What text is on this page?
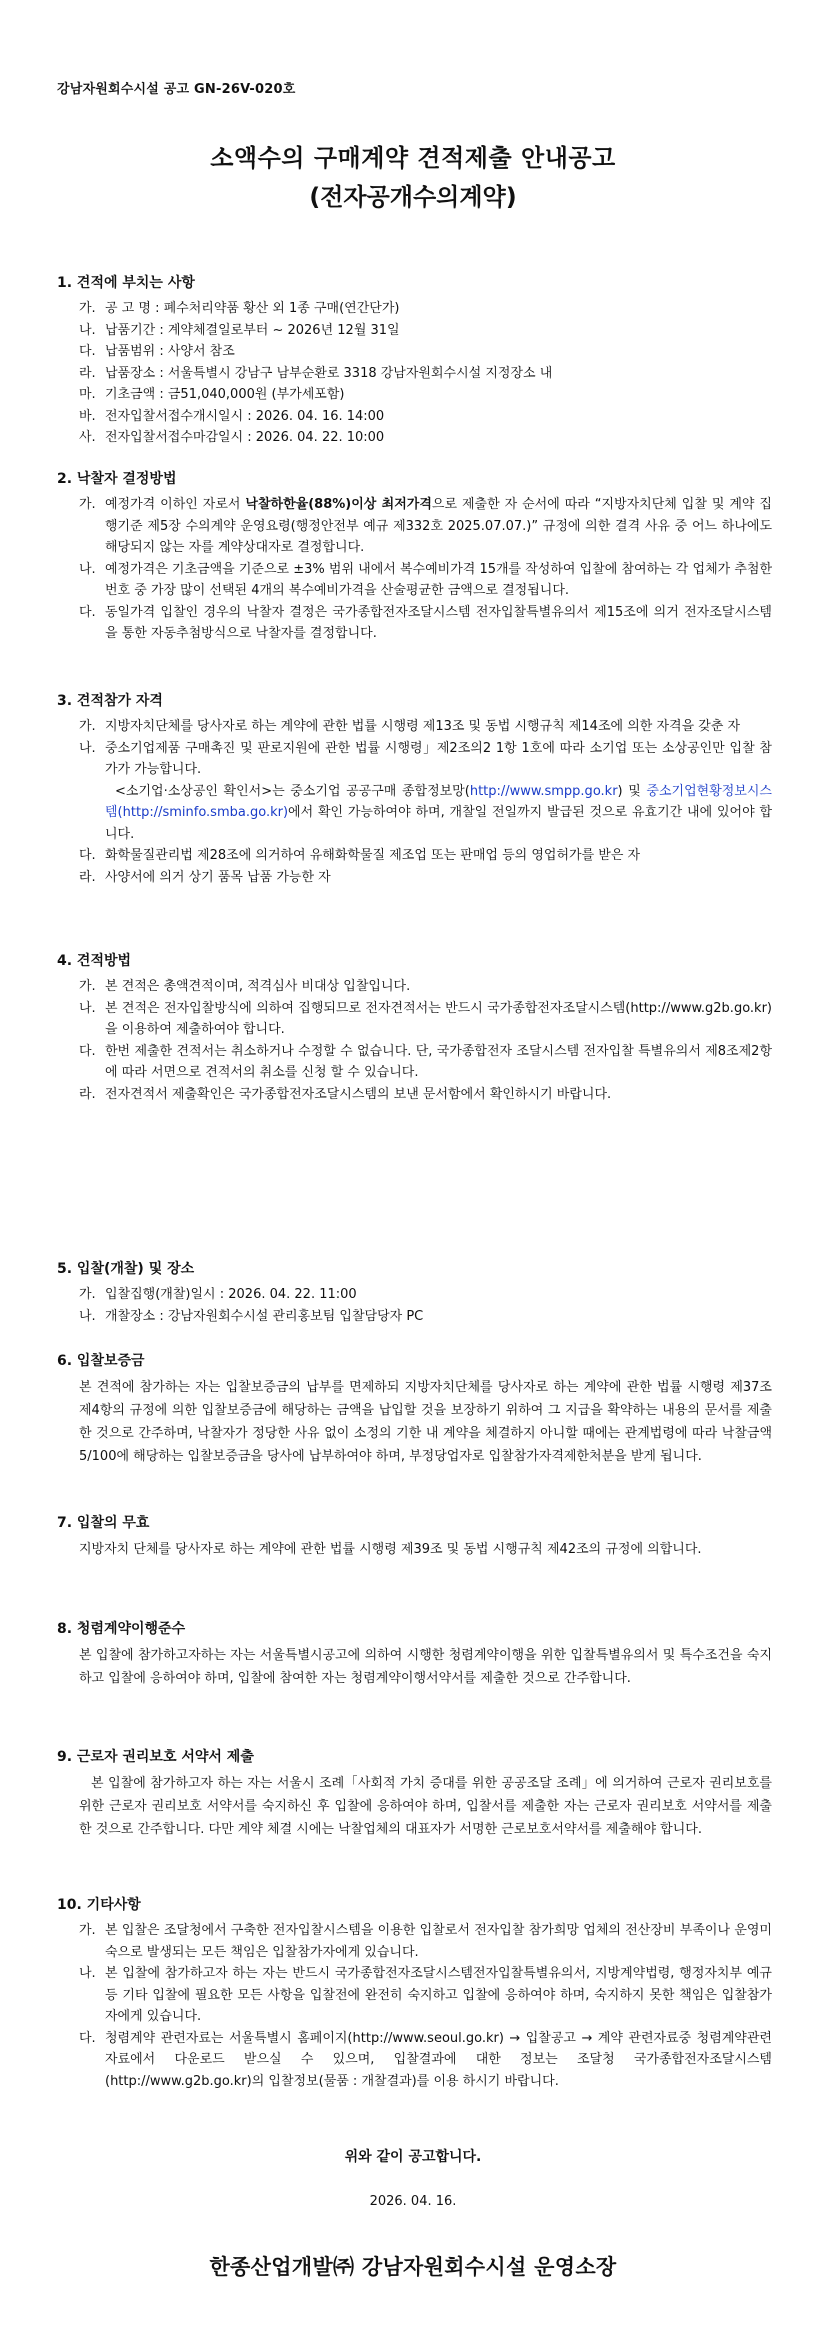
강남자원회수시설 공고 GN-26V-020호
소액수의 구매계약 견적제출 안내공고
(전자공개수의계약)
1. 견적에 부치는 사항
가. 공 고 명 : 폐수처리약품 황산 외 1종 구매(연간단가)
나. 납품기간 : 계약체결일로부터 ~ 2026년 12월 31일
다. 납품범위 : 사양서 참조
라. 납품장소 : 서울특별시 강남구 남부순환로 3318 강남자원회수시설 지정장소 내
마. 기초금액 : 금51,040,000원 (부가세포함)
바. 전자입찰서접수개시일시 : 2026. 04. 16. 14:00
사. 전자입찰서접수마감일시 : 2026. 04. 22. 10:00
2. 낙찰자 결정방법
가. 예정가격 이하인 자로서 낙찰하한율(88%)이상 최저가격으로 제출한 자 순서에 따라 “지방자치단체 입찰 및 계약 집행기준 제5장 수의계약 운영요령(행정안전부 예규 제332호 2025.07.07.)” 규정에 의한 결격 사유 중 어느 하나에도 해당되지 않는 자를 계약상대자로 결정합니다.
나. 예정가격은 기초금액을 기준으로 ±3% 범위 내에서 복수예비가격 15개를 작성하여 입찰에 참여하는 각 업체가 추첨한 번호 중 가장 많이 선택된 4개의 복수예비가격을 산술평균한 금액으로 결정됩니다.
다. 동일가격 입찰인 경우의 낙찰자 결정은 국가종합전자조달시스템 전자입찰특별유의서 제15조에 의거 전자조달시스템을 통한 자동추첨방식으로 낙찰자를 결정합니다.
3. 견적참가 자격
가. 지방자치단체를 당사자로 하는 계약에 관한 법률 시행령 제13조 및 동법 시행규칙 제14조에 의한 자격을 갖춘 자
나. 중소기업제품 구매촉진 및 판로지원에 관한 법률 시행령」제2조의2 1항 1호에 따라 소기업 또는 소상공인만 입찰 참가가 가능합니다.
<소기업·소상공인 확인서>는 중소기업 공공구매 종합정보망(http://www.smpp.go.kr) 및 중소기업현황정보시스템(http://sminfo.smba.go.kr)에서 확인 가능하여야 하며, 개찰일 전일까지 발급된 것으로 유효기간 내에 있어야 합니다.
다. 화학물질관리법 제28조에 의거하여 유해화학물질 제조업 또는 판매업 등의 영업허가를 받은 자
라. 사양서에 의거 상기 품목 납품 가능한 자
4. 견적방법
가. 본 견적은 총액견적이며, 적격심사 비대상 입찰입니다.
나. 본 견적은 전자입찰방식에 의하여 집행되므로 전자견적서는 반드시 국가종합전자조달시스템(http://www.g2b.go.kr)을 이용하여 제출하여야 합니다.
다. 한번 제출한 견적서는 취소하거나 수정할 수 없습니다. 단, 국가종합전자 조달시스템 전자입찰 특별유의서 제8조제2항에 따라 서면으로 견적서의 취소를 신청 할 수 있습니다.
라. 전자견적서 제출확인은 국가종합전자조달시스템의 보낸 문서함에서 확인하시기 바랍니다.
5. 입찰(개찰) 및 장소
가. 입찰집행(개찰)일시 : 2026. 04. 22. 11:00
나. 개찰장소 : 강남자원회수시설 관리홍보팀 입찰담당자 PC
6. 입찰보증금
본 견적에 참가하는 자는 입찰보증금의 납부를 면제하되 지방자치단체를 당사자로 하는 계약에 관한 법률 시행령 제37조 제4항의 규정에 의한 입찰보증금에 해당하는 금액을 납입할 것을 보장하기 위하여 그 지급을 확약하는 내용의 문서를 제출한 것으로 간주하며, 낙찰자가 정당한 사유 없이 소정의 기한 내 계약을 체결하지 아니할 때에는 관계법령에 따라 낙찰금액 5/100에 해당하는 입찰보증금을 당사에 납부하여야 하며, 부정당업자로 입찰참가자격제한처분을 받게 됩니다.
7. 입찰의 무효
지방자치 단체를 당사자로 하는 계약에 관한 법률 시행령 제39조 및 동법 시행규칙 제42조의 규정에 의합니다.
8. 청렴계약이행준수
본 입찰에 참가하고자하는 자는 서울특별시공고에 의하여 시행한 청렴계약이행을 위한 입찰특별유의서 및 특수조건을 숙지하고 입찰에 응하여야 하며, 입찰에 참여한 자는 청렴계약이행서약서를 제출한 것으로 간주합니다.
9. 근로자 권리보호 서약서 제출
본 입찰에 참가하고자 하는 자는 서울시 조례「사회적 가치 증대를 위한 공공조달 조례」에 의거하여 근로자 권리보호를 위한 근로자 권리보호 서약서를 숙지하신 후 입찰에 응하여야 하며, 입찰서를 제출한 자는 근로자 권리보호 서약서를 제출한 것으로 간주합니다. 다만 계약 체결 시에는 낙찰업체의 대표자가 서명한 근로보호서약서를 제출해야 합니다.
10. 기타사항
가. 본 입찰은 조달청에서 구축한 전자입찰시스템을 이용한 입찰로서 전자입찰 참가희망 업체의 전산장비 부족이나 운영미숙으로 발생되는 모든 책임은 입찰참가자에게 있습니다.
나. 본 입찰에 참가하고자 하는 자는 반드시 국가종합전자조달시스템전자입찰특별유의서, 지방계약법령, 행정자치부 예규 등 기타 입찰에 필요한 모든 사항을 입찰전에 완전히 숙지하고 입찰에 응하여야 하며, 숙지하지 못한 책임은 입찰참가자에게 있습니다.
다. 청렴계약 관련자료는 서울특별시 홈페이지(http://www.seoul.go.kr) → 입찰공고 → 계약 관련자료중 청렴계약관련자료에서 다운로드 받으실 수 있으며, 입찰결과에 대한 정보는 조달청 국가종합전자조달시스템(http://www.g2b.go.kr)의 입찰정보(물품 : 개찰결과)를 이용 하시기 바랍니다.
위와 같이 공고합니다.
2026. 04. 16.
한종산업개발㈜ 강남자원회수시설 운영소장
